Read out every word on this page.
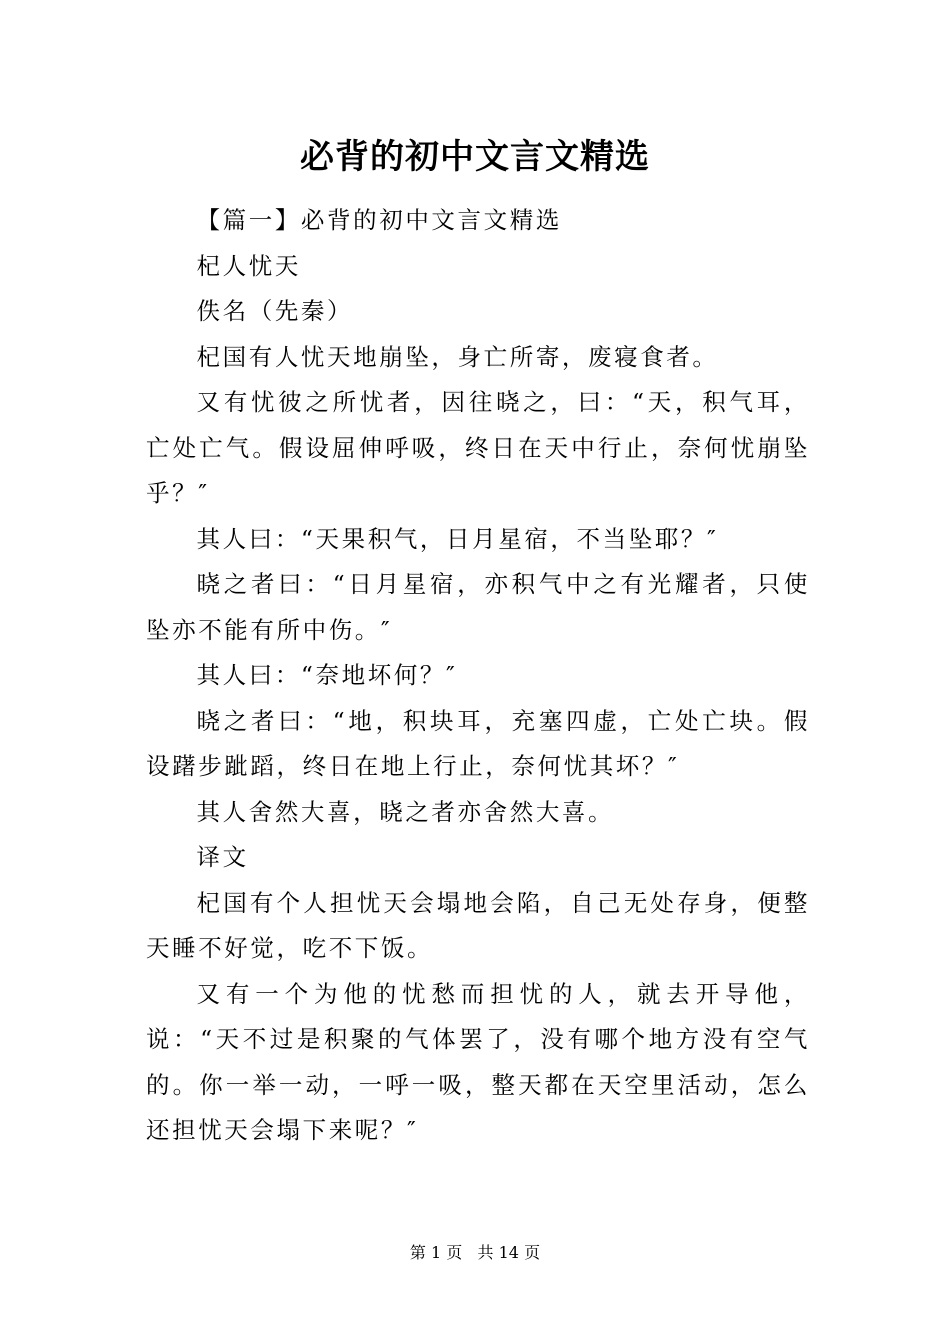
必背的初中文言文精选

【篇一】必背的初中文言文精选

杞人忧天

佚名（先秦）

杞国有人忧天地崩坠，身亡所寄，废寝食者。

又有忧彼之所忧者，因往晓之，曰：“天，积气耳，亡处亡气。假设屈伸呼吸，终日在天中行止，奈何忧崩坠乎？″

其人曰：“天果积气，日月星宿，不当坠耶？″

晓之者曰：“日月星宿，亦积气中之有光耀者，只使坠亦不能有所中伤。″

其人曰：“奈地坏何？″

晓之者曰：“地，积块耳，充塞四虚，亡处亡块。假设躇步跐蹈，终日在地上行止，奈何忧其坏？″

其人舍然大喜，晓之者亦舍然大喜。

译文

杞国有个人担忧天会塌地会陷，自己无处存身，便整天睡不好觉，吃不下饭。

又有一个为他的忧愁而担忧的人，就去开导他，说：“天不过是积聚的气体罢了，没有哪个地方没有空气的。你一举一动，一呼一吸，整天都在天空里活动，怎么还担忧天会塌下来呢？″

第 1 页   共 14 页
